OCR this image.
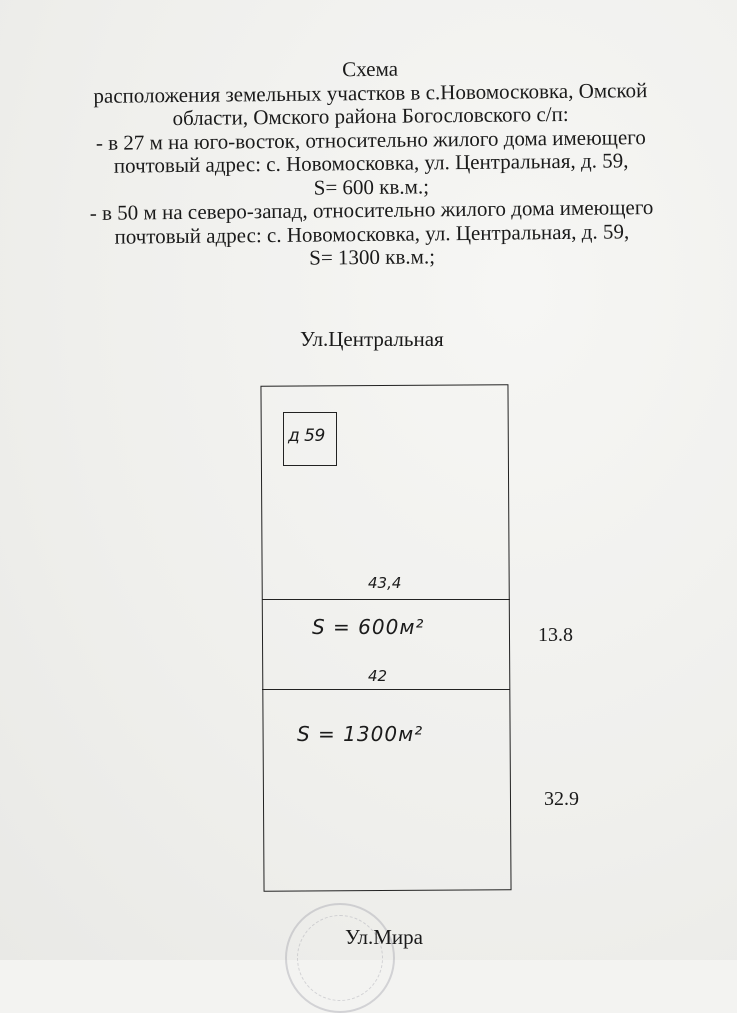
Схема
расположения земельных участков в с.Новомосковка, Омской
области, Омского района Богословского с/п:
- в 27 м на юго-восток, относительно жилого дома имеющего
почтовый адрес: с. Новомосковка, ул. Центральная, д. 59,
S= 600 кв.м.;
- в 50 м на северо-запад, относительно жилого дома имеющего
почтовый адрес: с. Новомосковка, ул. Центральная, д. 59,
S= 1300 кв.м.;
Ул.Центральная
д 59
43,4
S = 600м²
42
S = 1300м²
13.8
32.9
Ул.Мира
